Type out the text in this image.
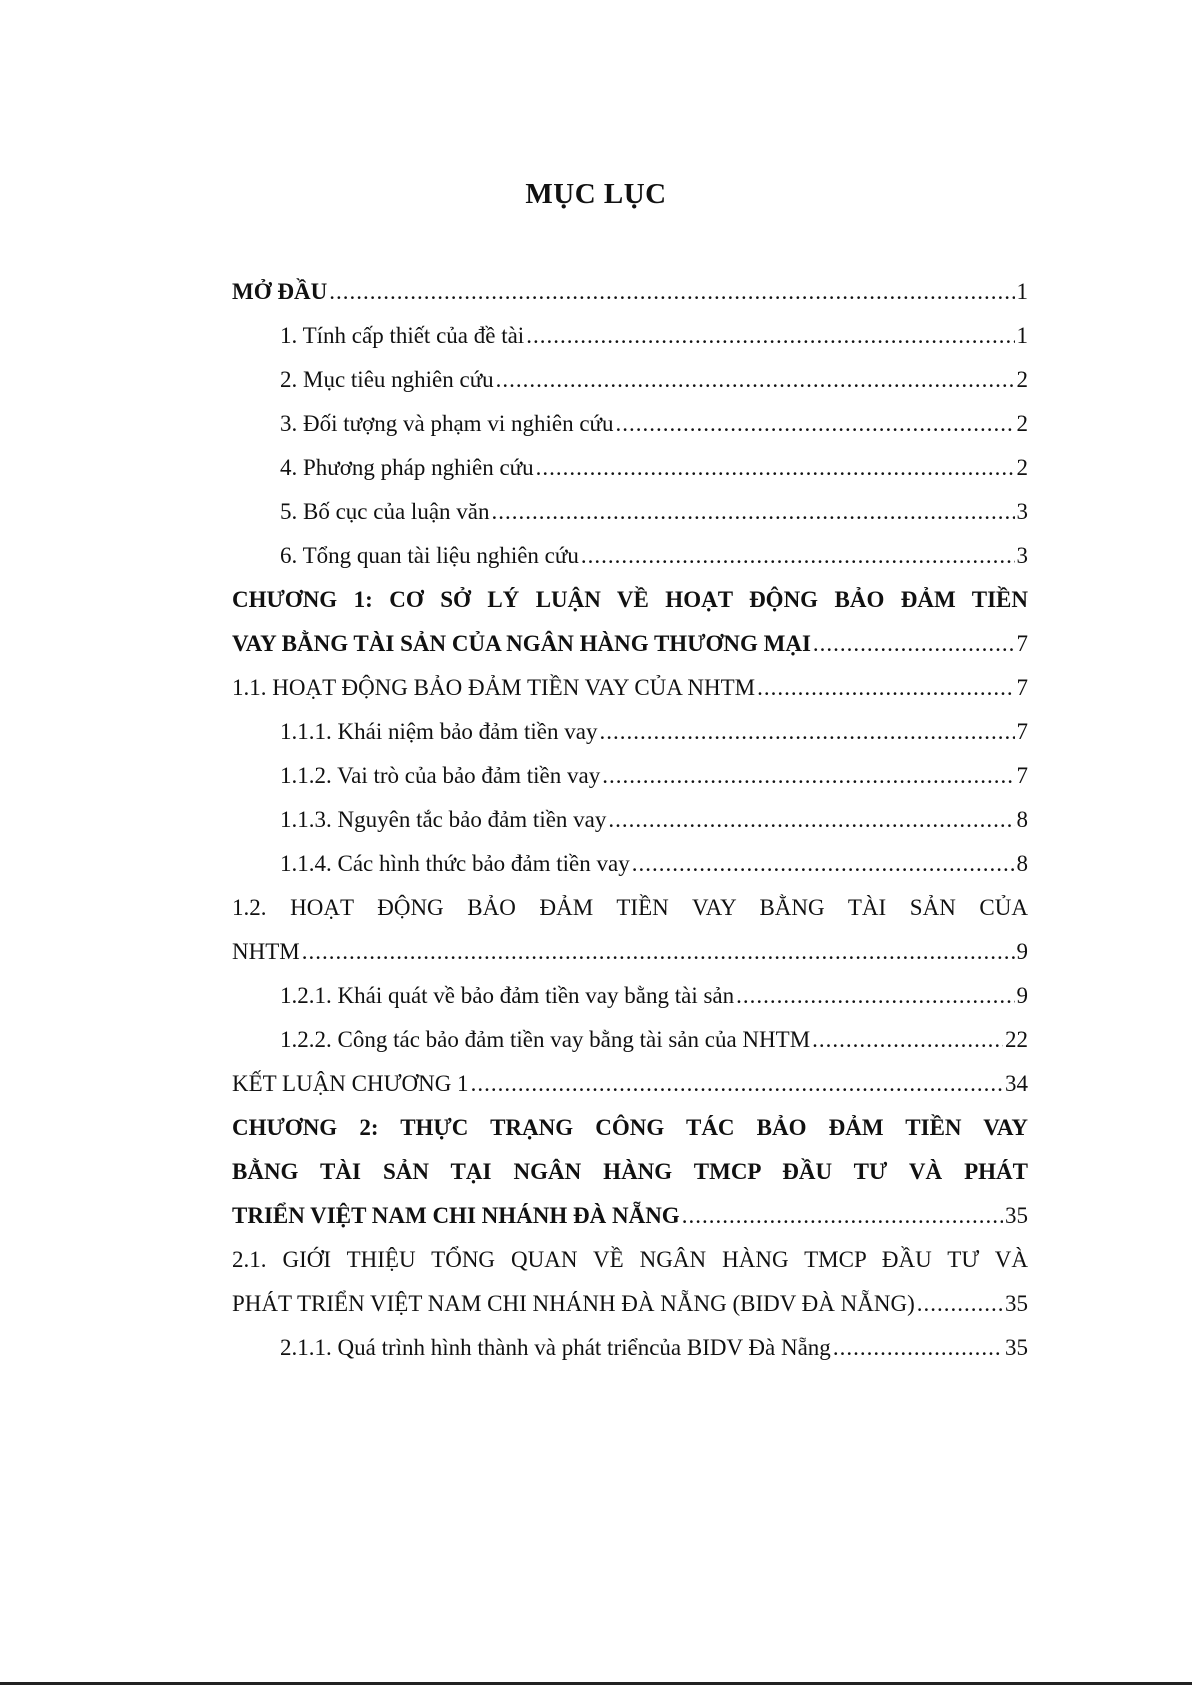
MỤC LỤC
MỞ ĐẦU .....	1
1. Tính cấp thiết của đề tài .....	1
2. Mục tiêu nghiên cứu .....	2
3. Đối tượng và phạm vi nghiên cứu .....	2
4. Phương pháp nghiên cứu .....	2
5. Bố cục của luận văn .....	3
6. Tổng quan tài liệu nghiên cứu .....	3
CHƯƠNG 1: CƠ SỞ LÝ LUẬN VỀ HOẠT ĐỘNG BẢO ĐẢM TIỀN
VAY BẰNG TÀI SẢN CỦA NGÂN HÀNG THƯƠNG MẠI .....	7
1.1. HOẠT ĐỘNG BẢO ĐẢM TIỀN VAY CỦA NHTM .....	7
1.1.1. Khái niệm bảo đảm tiền vay .....	7
1.1.2. Vai trò của bảo đảm tiền vay .....	7
1.1.3. Nguyên tắc bảo đảm tiền vay .....	8
1.1.4. Các hình thức bảo đảm tiền vay .....	8
1.2. HOẠT ĐỘNG BẢO ĐẢM TIỀN VAY BẰNG TÀI SẢN CỦA
NHTM .....	9
1.2.1. Khái quát về bảo đảm tiền vay bằng tài sản .....	9
1.2.2. Công tác bảo đảm tiền vay bằng tài sản của NHTM .....	22
KẾT LUẬN CHƯƠNG 1 .....	34
CHƯƠNG 2: THỰC TRẠNG CÔNG TÁC BẢO ĐẢM TIỀN VAY
BẰNG TÀI SẢN TẠI NGÂN HÀNG TMCP ĐẦU TƯ VÀ PHÁT
TRIỂN VIỆT NAM CHI NHÁNH ĐÀ NẴNG .....	35
2.1. GIỚI THIỆU TỔNG QUAN VỀ NGÂN HÀNG TMCP ĐẦU TƯ VÀ
PHÁT TRIỂN VIỆT NAM CHI NHÁNH ĐÀ NẴNG (BIDV ĐÀ NẴNG) .....	35
2.1.1. Quá trình hình thành và phát triểncủa BIDV Đà Nẵng .....	35
